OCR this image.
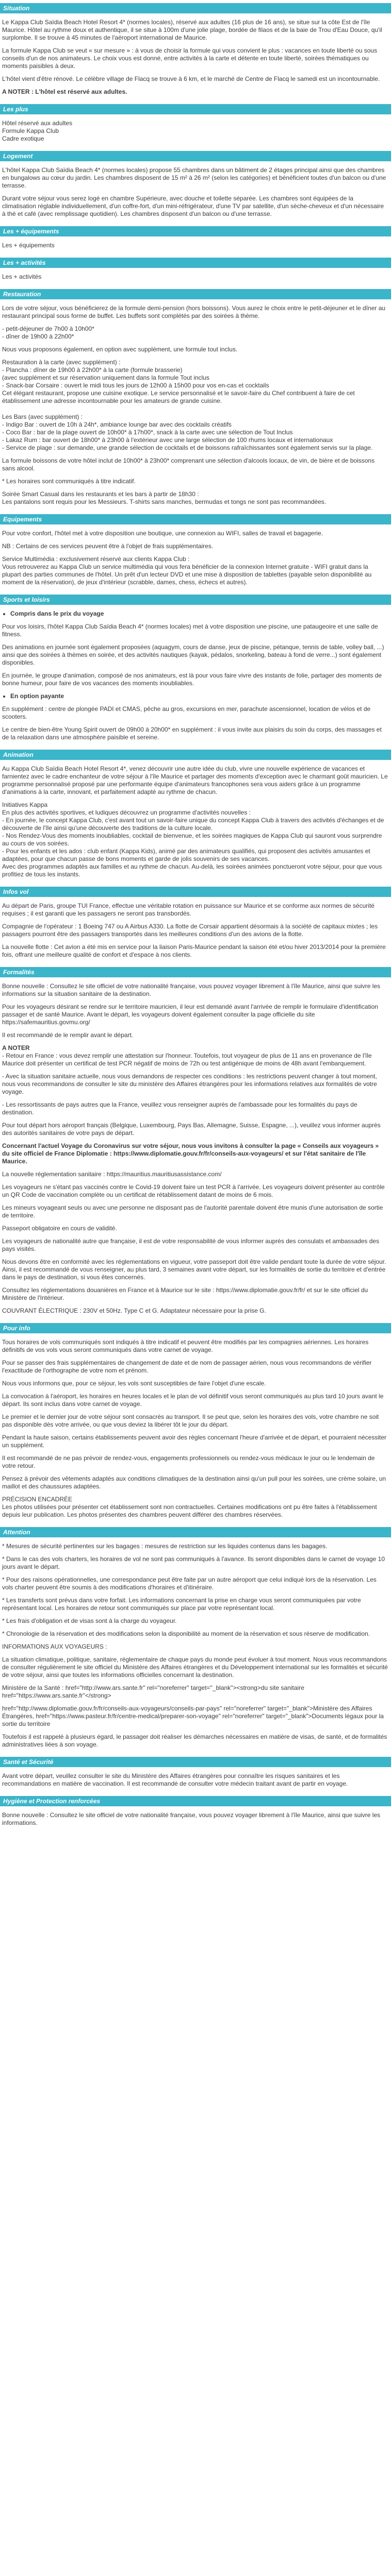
Situation

Le Kappa Club Saïdia Beach Hotel Resort 4* (normes locales), réservé aux adultes (16 plus de 16 ans), se situe sur la côte Est de l'île Maurice. Hôtel au rythme doux et authentique, il se situe à 100m d'une jolie plage, bordée de filaos et de la baie de Trou d'Eau Douce, qu'il surplombe. Il se trouve à 45 minutes de l'aéroport international de Maurice.

La formule Kappa Club se veut « sur mesure » : à vous de choisir la formule qui vous convient le plus : vacances en toute liberté ou sous conseils d'un de nos animateurs. Le choix vous est donné, entre activités à la carte et détente en toute liberté, soirées thématiques ou moments paisibles à deux.

L'hôtel vient d'être rénové. Le célèbre village de Flacq se trouve à 6 km, et le marché de Centre de Flacq le samedi est un incontournable.

A NOTER : L'hôtel est réservé aux adultes.

Les plus
Hôtel réservé aux adultes
Formule Kappa Club
Cadre exotique
Logement

L'hôtel Kappa Club Saïdia Beach 4* (normes locales) propose 55 chambres dans un bâtiment de 2 étages principal ainsi que des chambres en bungalows au cœur du jardin. Les chambres disposent de 15 m² à 26 m² (selon les catégories) et bénéficient toutes d'un balcon ou d'une terrasse.

Durant votre séjour vous serez logé en chambre Supérieure, avec douche et toilette séparée. Les chambres sont équipées de la climatisation réglable individuellement, d'un coffre-fort, d'un mini-réfrigérateur, d'une TV par satellite, d'un sèche-cheveux et d'un nécessaire à thé et café (avec remplissage quotidien). Les chambres disposent d'un balcon ou d'une terrasse.

Les + équipements

Les + équipements

Les + activités

Les + activités

Restauration

Lors de votre séjour, vous bénéficierez de la formule demi-pension (hors boissons). Vous aurez le choix entre le petit-déjeuner et le dîner au restaurant principal sous forme de buffet. Les buffets sont complétés par des soirées à thème.

- petit-déjeuner de 7h00 à 10h00*

- dîner de 19h00 à 22h00*

Nous vous proposons également, en option avec supplément, une formule tout inclus.

Restauration à la carte (avec supplément) :
- Plancha : dîner de 19h00 à 22h00* à la carte (formule brasserie)
(avec supplément et sur réservation uniquement dans la formule Tout inclus
- Snack-bar Corsaire : ouvert le midi tous les jours de 12h00 à 15h00 pour vos en-cas et cocktails

Cet élégant restaurant, propose une cuisine exotique. Le service personnalisé et le savoir-faire du Chef contribuent à faire de cet établissement une adresse incontournable pour les amateurs de grande cuisine.

Les Bars (avec supplément) :
- Indigo Bar : ouvert de 10h à 24h*, ambiance lounge bar avec des cocktails créatifs
- Coco Bar : bar de la plage ouvert de 10h00* à 17h00*, snack à la carte avec une sélection de Tout Inclus
- Lakaz Rum : bar ouvert de 18h00* à 23h00 à l'extérieur avec une large sélection de 100 rhums locaux et internationaux

- Service de plage : sur demande, une grande sélection de cocktails et de boissons rafraîchissantes sont également servis sur la plage.

La formule boissons de votre hôtel inclut de 10h00* à 23h00* comprenant une sélection d'alcools locaux, de vin, de bière et de boissons sans alcool.

* Les horaires sont communiqués à titre indicatif.

Soirée Smart Casual dans les restaurants et les bars à partir de 18h30 :

Les pantalons sont requis pour les Messieurs. T-shirts sans manches, bermudas et tongs ne sont pas recommandées.

Equipements

Pour votre confort, l'hôtel met à votre disposition une boutique, une connexion au WIFI, salles de travail et bagagerie.

NB : Certains de ces services peuvent être à l'objet de frais supplémentaires.

Service Multimédia : exclusivement réservé aux clients Kappa Club :

Vous retrouverez au Kappa Club un service multimédia qui vous fera bénéficier de la connexion Internet gratuite - WIFI gratuit dans la plupart des parties communes de l'hôtel. Un prêt d'un lecteur DVD et une mise à disposition de tablettes (payable selon disponibilité au moment de la réservation), de jeux d'intérieur (scrabble, dames, chess, échecs et autres).

Sports et loisirs
• Compris dans le prix du voyage

Pour vos loisirs, l'hôtel Kappa Club Saïdia Beach 4* (normes locales) met à votre disposition une piscine, une pataugeoire et une salle de fitness.

Des animations en journée sont également proposées (aquagym, cours de danse, jeux de piscine, pétanque, tennis de table, volley ball, ...) ainsi que des soirées à thèmes en soirée, et des activités nautiques (kayak, pédalos, snorkeling, bateau à fond de verre...) sont également disponibles.

En journée, le groupe d'animation, composé de nos animateurs, est là pour vous faire vivre des instants de folie, partager des moments de bonne humeur, pour faire de vos vacances des moments inoubliables.

• En option payante

En supplément : centre de plongée PADI et CMAS, pêche au gros, excursions en mer, parachute ascensionnel, location de vélos et de scooters.

Le centre de bien-être Young Spirit ouvert de 09h00 à 20h00* en supplément : il vous invite aux plaisirs du soin du corps, des massages et de la relaxation dans une atmosphère paisible et sereine.

Animation

Au Kappa Club Saïdia Beach Hotel Resort 4*, venez découvrir une autre idée du club, vivre une nouvelle expérience de vacances et farnientez avec le cadre enchanteur de votre séjour à l'île Maurice et partager des moments d'exception avec le charmant goût mauricien. Le programme personnalisé proposé par une performante équipe d'animateurs francophones sera vous aiders grâce à un programme d'animations à la carte, innovant, et parfaitement adapté au rythme de chacun.

Initiatives Kappa
En plus des activités sportives, et ludiques découvrez un programme d'activités nouvelles :
- En journée, le concept Kappa Club, c'est avant tout un savoir-faire unique du concept Kappa Club à travers des activités d'échanges et de découverte de l'île ainsi qu'une découverte des traditions de la culture locale.
- Nos Rendez-Vous des moments inoubliables, cocktail de bienvenue, et les soirées magiques de Kappa Club qui sauront vous surprendre au cours de vos soirées.
- Pour les enfants et les ados : club enfant (Kappa Kids), animé par des animateurs qualifiés, qui proposent des activités amusantes et adaptées, pour que chacun passe de bons moments et garde de jolis souvenirs de ses vacances.

Avec des programmes adaptés aux familles et au rythme de chacun. Au-delà, les soirées animées ponctueront votre séjour, pour que vous profitiez de tous les instants.

Infos vol

Au départ de Paris, groupe TUI France, effectue une véritable rotation en puissance sur Maurice et se conforme aux normes de sécurité requises ; il est garanti que les passagers ne seront pas transbordés.

Compagnie de l'opérateur : 1 Boeing 747 ou A Airbus A330. La flotte de Corsair appartient désormais à la société de capitaux mixtes ; les passagers pourront être des passagers transportés dans les meilleures conditions d'un des avions de la flotte.

La nouvelle flotte : Cet avion a été mis en service pour la liaison Paris-Maurice pendant la saison été et/ou hiver 2013/2014 pour la première fois, offrant une meilleure qualité de confort et d'espace à nos clients.

Formalités

Bonne nouvelle : Consultez le site officiel de votre nationalité française, vous pouvez voyager librement à l'île Maurice, ainsi que suivre les informations sur la situation sanitaire de la destination.

Pour les voyageurs désirant se rendre sur le territoire mauricien, il leur est demandé avant l'arrivée de remplir le formulaire d'identification passager et de santé Maurice. Avant le départ, les voyageurs doivent également consulter la page officielle du site https://safemauritius.govmu.org/

Il est recommandé de le remplir avant le départ.

A NOTER

- Retour en France : vous devez remplir une attestation sur l'honneur. Toutefois, tout voyageur de plus de 11 ans en provenance de l'île Maurice doit présenter un certificat de test PCR négatif de moins de 72h ou test antigénique de moins de 48h avant l'embarquement.

- Avec la situation sanitaire actuelle, nous vous demandons de respecter ces conditions : les restrictions peuvent changer à tout moment, nous vous recommandons de consulter le site du ministère des Affaires étrangères pour les informations relatives aux formalités de votre voyage.

- Les ressortissants de pays autres que la France, veuillez vous renseigner auprès de l'ambassade pour les formalités du pays de destination.

Pour tout départ hors aéroport français (Belgique, Luxembourg, Pays Bas, Allemagne, Suisse, Espagne, ...), veuillez vous informer auprès des autorités sanitaires de votre pays de départ.

Concernant l'actuel Voyage du Coronavirus sur votre séjour, nous vous invitons à consulter la page « Conseils aux voyageurs » du site officiel de France Diplomatie : https://www.diplomatie.gouv.fr/fr/conseils-aux-voyageurs/ et sur l'état sanitaire de l'île Maurice.

La nouvelle réglementation sanitaire : https://mauritius.mauritiusassistance.com/

Les voyageurs ne s'étant pas vaccinés contre le Covid-19 doivent faire un test PCR à l'arrivée. Les voyageurs doivent présenter au contrôle un QR Code de vaccination complète ou un certificat de rétablissement datant de moins de 6 mois.

Les mineurs voyageant seuls ou avec une personne ne disposant pas de l'autorité parentale doivent être munis d'une autorisation de sortie de territoire.

Passeport obligatoire en cours de validité.

Les voyageurs de nationalité autre que française, il est de votre responsabilité de vous informer auprès des consulats et ambassades des pays visités.

Nous devons être en conformité avec les réglementations en vigueur, votre passeport doit être valide pendant toute la durée de votre séjour. Ainsi, il est recommandé de vous renseigner, au plus tard, 3 semaines avant votre départ, sur les formalités de sortie du territoire et d'entrée dans le pays de destination, si vous êtes concernés.

Consultez les réglementations douanières en France et à Maurice sur le site : https://www.diplomatie.gouv.fr/fr/ et sur le site officiel du Ministère de l'Intérieur.

COUVRANT ÉLECTRIQUE : 230V et 50Hz. Type C et G. Adaptateur nécessaire pour la prise G.

Pour info

Tous horaires de vols communiqués sont indiqués à titre indicatif et peuvent être modifiés par les compagnies aériennes. Les horaires définitifs de vos vols vous seront communiqués dans votre carnet de voyage.

Pour se passer des frais supplémentaires de changement de date et de nom de passager aérien, nous vous recommandons de vérifier l'exactitude de l'orthographe de votre nom et prénom.

Nous vous informons que, pour ce séjour, les vols sont susceptibles de faire l'objet d'une escale.

La convocation à l'aéroport, les horaires en heures locales et le plan de vol définitif vous seront communiqués au plus tard 10 jours avant le départ. Ils sont inclus dans votre carnet de voyage.

Le premier et le dernier jour de votre séjour sont consacrés au transport. Il se peut que, selon les horaires des vols, votre chambre ne soit pas disponible dès votre arrivée, ou que vous deviez la libérer tôt le jour du départ.

Pendant la haute saison, certains établissements peuvent avoir des règles concernant l'heure d'arrivée et de départ, et pourraient nécessiter un supplément.

Il est recommandé de ne pas prévoir de rendez-vous, engagements professionnels ou rendez-vous médicaux le jour ou le lendemain de votre retour.

Pensez à prévoir des vêtements adaptés aux conditions climatiques de la destination ainsi qu'un pull pour les soirées, une crème solaire, un maillot et des chaussures adaptées.

PRÉCISION ENCADRÉE

Les photos utilisées pour présenter cet établissement sont non contractuelles. Certaines modifications ont pu être faites à l'établissement depuis leur publication. Les photos présentes des chambres peuvent différer des chambres réservées.

Attention

* Mesures de sécurité pertinentes sur les bagages : mesures de restriction sur les liquides contenus dans les bagages.

* Dans le cas des vols charters, les horaires de vol ne sont pas communiqués à l'avance. Ils seront disponibles dans le carnet de voyage 10 jours avant le départ.

* Pour des raisons opérationnelles, une correspondance peut être faite par un autre aéroport que celui indiqué lors de la réservation. Les vols charter peuvent être soumis à des modifications d'horaires et d'itinéraire.

* Les transferts sont prévus dans votre forfait. Les informations concernant la prise en charge vous seront communiquées par votre représentant local. Les horaires de retour sont communiqués sur place par votre représentant local.

* Les frais d'obligation et de visas sont à la charge du voyageur.

* Chronologie de la réservation et des modifications selon la disponibilité au moment de la réservation et sous réserve de modification.

INFORMATIONS AUX VOYAGEURS :

La situation climatique, politique, sanitaire, réglementaire de chaque pays du monde peut évoluer à tout moment. Nous vous recommandons de consulter régulièrement le site officiel du Ministère des Affaires étrangères et du Développement international sur les formalités et sécurité de votre séjour, ainsi que toutes les informations officielles concernant la destination.

Ministère de la Santé : href="http://www.ars.sante.fr" rel="noreferrer" target="_blank"><strong>du site sanitaire href="https://www.ars.sante.fr"</strong>

href="http://www.diplomatie.gouv.fr/fr/conseils-aux-voyageurs/conseils-par-pays" rel="noreferrer" target="_blank">Ministère des Affaires Étrangères, href="https://www.pasteur.fr/fr/centre-medical/preparer-son-voyage" rel="noreferrer" target="_blank">Documents légaux pour la sortie du territoire

Toutefois il est rappelé à plusieurs égard, le passager doit réaliser les démarches nécessaires en matière de visas, de santé, et de formalités administratives liées à son voyage.

Santé et Sécurité

Avant votre départ, veuillez consulter le site du Ministère des Affaires étrangères pour connaître les risques sanitaires et les recommandations en matière de vaccination. Il est recommandé de consulter votre médecin traitant avant de partir en voyage.

Hygiène et Protection renforcées

Bonne nouvelle : Consultez le site officiel de votre nationalité française, vous pouvez voyager librement à l'île Maurice, ainsi que suivre les informations.
